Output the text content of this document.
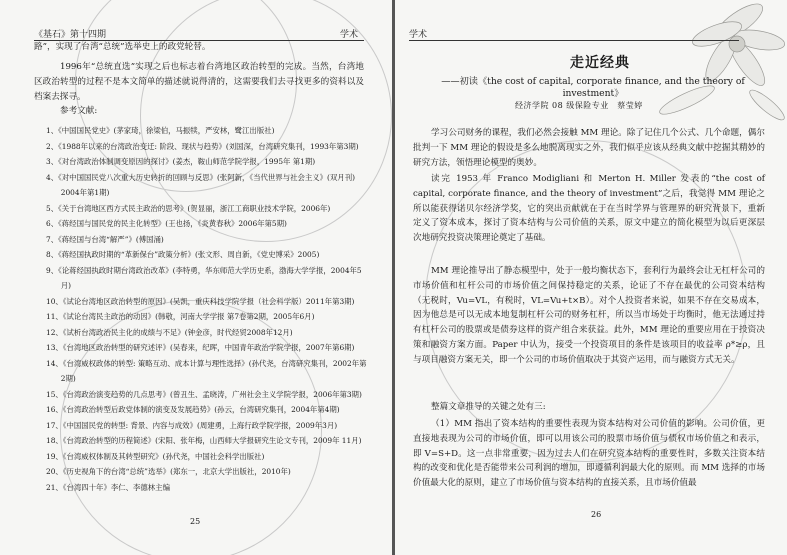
《基石》第十四期	学术
路”，实现了台湾“总统”选举史上的政党轮替。
1996年“总统直选”实现之后也标志着台湾地区政治转型的完成。当然，台湾地区政治转型的过程不是本文简单的描述就说得清的，这需要我们去寻找更多的资料以及档案去探寻。
参考文献:
1、《中国国民党史》(茅家琦，徐梁伯，马振犊，严安林，鹭江出版社)
2、《1988年以来的台湾政治变迁: 阶段、现状与趋势》(刘国深，台湾研究集刊，1993年第3期)
3、《对台湾政治体制调变原因的探讨》(姜杰，鞍山师范学院学报，1995年 第1期)
4、《对中国国民党八次重大历史转折的回顾与反思》(张阿新，《当代世界与社会主义》(双月刊)
　　2004年第1期)
5、《关于台湾地区西方式民主政治的思考》(贺显丽，浙江工商职业技术学院，2006年)
6、《蒋经国与国民党的民主化转型》(王也扬，《炎黄春秋》2006年第5期)
7、《蒋经国与台湾“解严”》(傅国涌)
8、《蒋经国执政时期的“革新保台”政策分析》(张文形、周自新，《党史博采》2005)
9、《论蒋经国执政时期台湾政治改革》(李特勇，华东师范大学历史系，渤海大学学报，2004年5
　　月)
10、《试论台湾地区政治转型的原因》(吴凯，重庆科技学院学报（社会科学版）2011年第3期)
11、《试论台湾民主政治的动因》(韩敬，河南大学学报 第7卷第2期，2005年6月)
12、《试析台湾政治民主化的成绩与不足》(钟金彦，时代经贸2008年12月)
13、《台湾地区政治转型的研究述评》(吴春来，纪晖，中国青年政治学院学报，2007年第6期)
14、《台湾威权政体的转型: 策略互动、成本计算与理性选择》(孙代尧，台湾研究集刊，2002年第
　　2期)
15、《台湾政治演变趋势的几点思考》(曾丑生、孟晓涛，广州社会主义学院学报，2006年第3期)
16、《台湾政治转型后政党体制的演变及发展趋势》(孙云，台湾研究集刊，2004年第4期)
17、《中国国民党的转型: 背景、内容与成效》(周建勇，上海行政学院学报，2009年3月)
18、《台湾政治转型的历程简述》(宋阳、张年梅，山西师大学报研究生论文专刊，2009年 11月)
19、《台湾威权体制及其转型研究》(孙代尧，中国社会科学出版社)
20、《历史视角下的台湾“总统”选举》(郑东一，北京大学出版社，2010年)
21、《台湾四十年》李仁、李德林主编
25
学术
走近经典
——初读《the cost of capital, corporate finance, and the theory of investment》
经济学院 08 级保险专业　蔡莹婷
学习公司财务的课程，我们必然会接触 MM 理论。除了记住几个公式、几个命题，偶尔批判一下 MM 理论的假设是多么地脱离现实之外，我们似乎应该从经典文献中挖掘其精妙的研究方法，领悟理论模型的奥妙。
读完 1953 年 Franco Modigliani 和 Merton H. Miller 发表的“the cost of capital, corporate finance, and the theory of investment”之后，我觉得 MM 理论之所以能获得诺贝尔经济学奖，它的突出贡献就在于在当时学界与管理界的研究背景下，重新定义了资本成本，探讨了资本结构与公司价值的关系，原文中建立的简化模型为以后更深层次地研究投资决策理论奠定了基础。
MM 理论推导出了静态模型中，处于一般均衡状态下，套利行为最终会让无杠杆公司的市场价值和杠杆公司的市场价值之间保持稳定的关系，论证了不存在最优的公司资本结构（无税时，Vu=VL，有税时，VL=Vu+t×B）。对个人投资者来说，如果不存在交易成本，因为他总是可以无成本地复制杠杆公司的财务杠杆，所以当市场处于均衡时，他无法通过持有杠杆公司的股票或是债券这样的资产组合来获益。此外，MM 理论的重要应用在于投资决策和融资方案方面。Paper 中认为，接受一个投资项目的条件是该项目的收益率 ρ*≥ρ，且与项目融资方案无关，即一个公司的市场价值取决于其资产运用，而与融资方式无关。
整篇文章推导的关键之处有三:
（1）MM 指出了资本结构的重要性表现为资本结构对公司价值的影响。公司价值，更直接地表现为公司的市场价值，即可以用该公司的股票市场价值与债权市场价值之和表示，即 V=S+D。这一点非常重要，因为过去人们在研究资本结构的重要性时，多数关注资本结构的改变和优化是否能带来公司利润的增加，即遵循利润最大化的原则。而 MM 选择的市场价值最大化的原则，建立了市场价值与资本结构的直接关系，且市场价值最
26
